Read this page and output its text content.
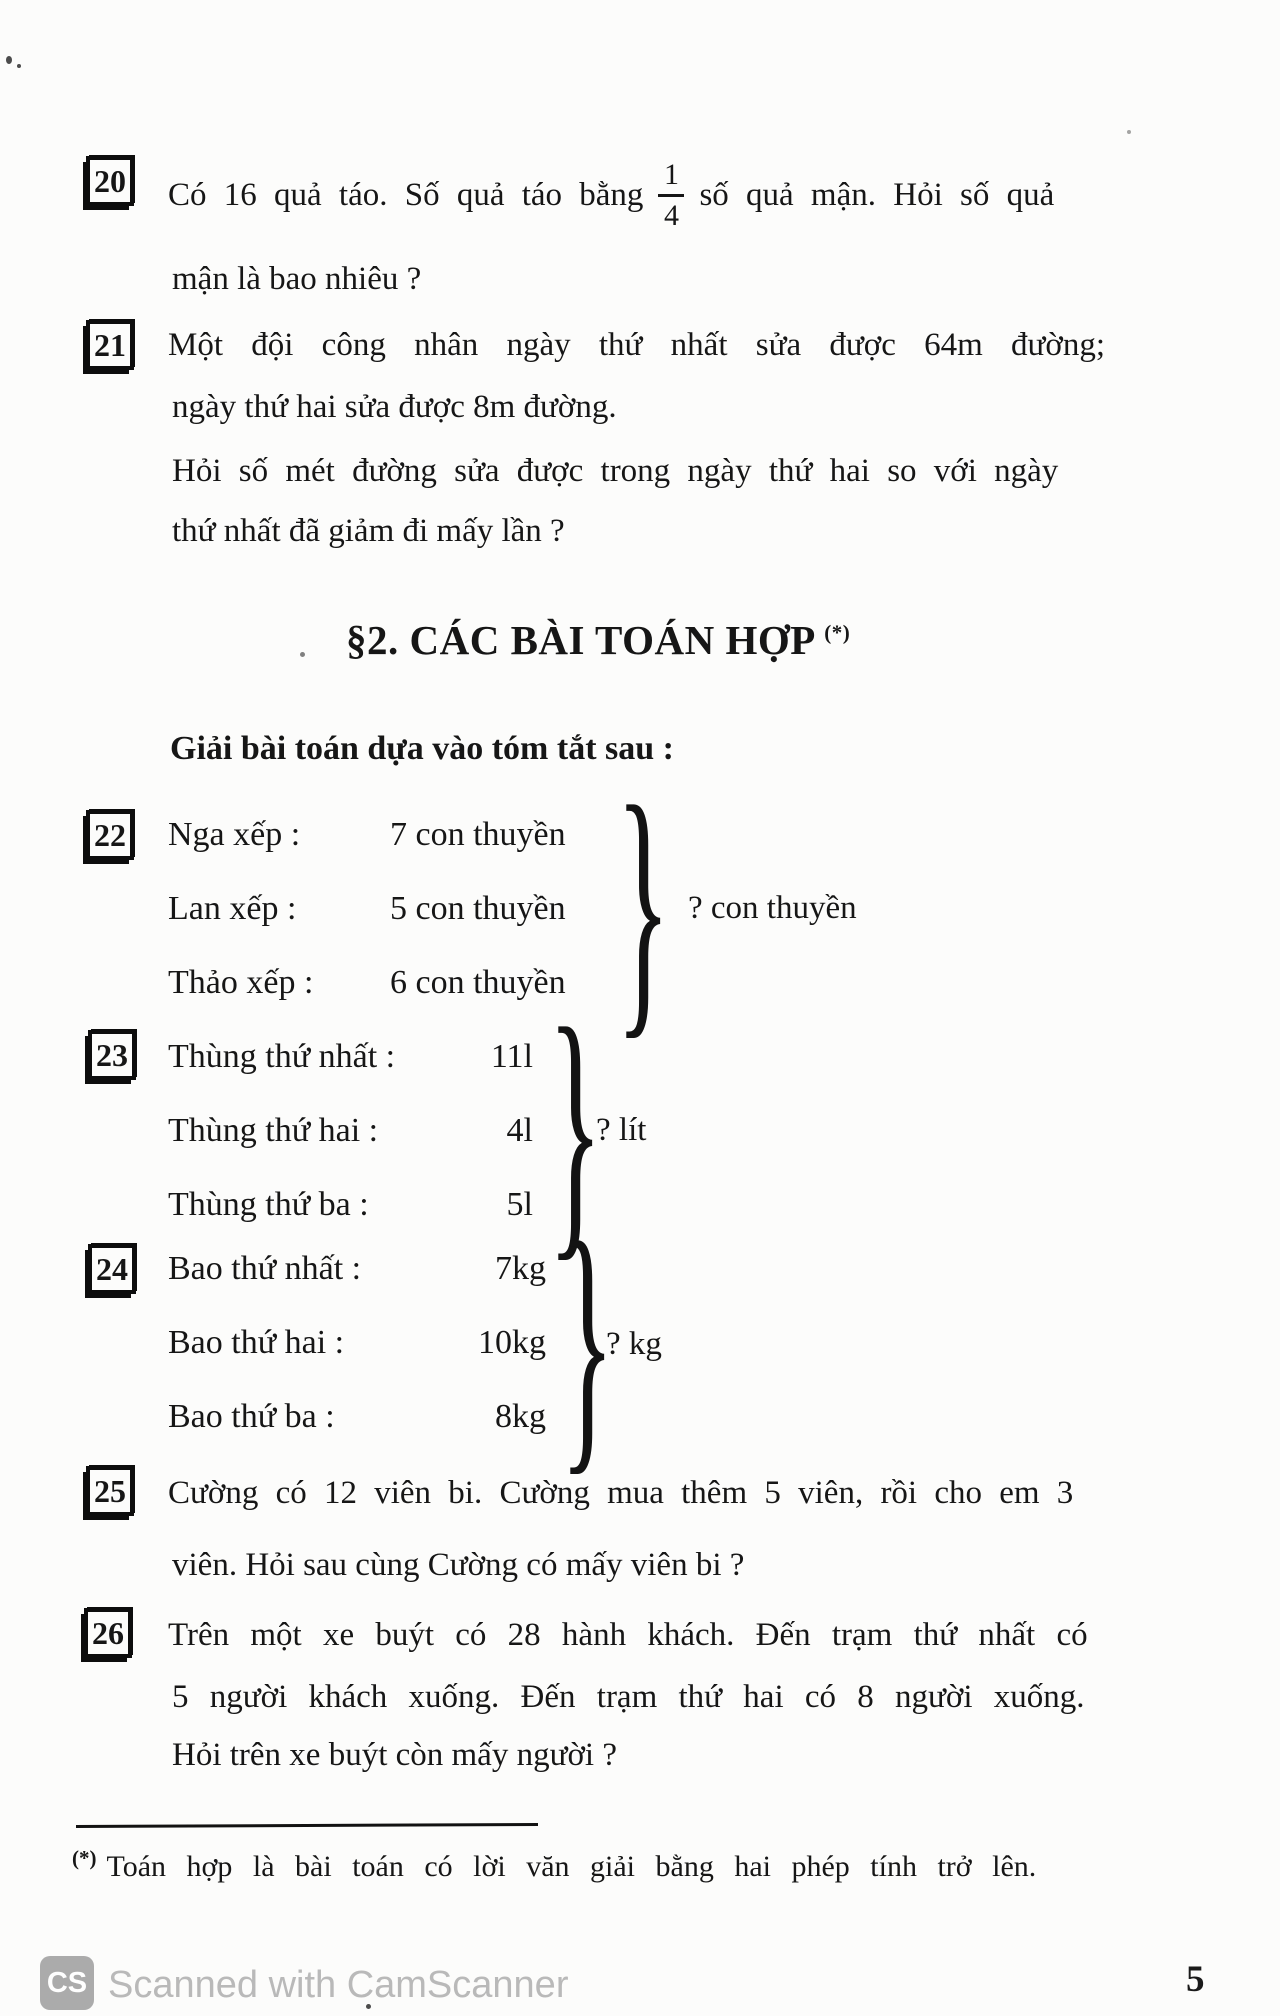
20 Có 16 quả táo. Số quả táo bằng $\frac{1}{4}$ số quả mận. Hỏi số quả
mận là bao nhiêu ?
21 Một đội công nhân ngày thứ nhất sửa được 64m đường;
ngày thứ hai sửa được 8m đường.
Hỏi số mét đường sửa được trong ngày thứ hai so với ngày
thứ nhất đã giảm đi mấy lần ?
§2. CÁC BÀI TOÁN HỢP (*)
Giải bài toán dựa vào tóm tắt sau :
22 Nga xếp :	7 con thuyền
Lan xếp :	5 con thuyền
Thảo xếp :	6 con thuyền } ? con thuyền
23 Thùng thứ nhất :	11l
Thùng thứ hai :	4l
Thùng thứ ba :	5l }
? lít
24 Bao thứ nhất :	7kg
Bao thứ hai :	10kg
Bao thứ ba :	8kg }
? kg
25 Cường có 12 viên bi. Cường mua thêm 5 viên, rồi cho em 3
viên. Hỏi sau cùng Cường có mấy viên bi ?
26 Trên một xe buýt có 28 hành khách. Đến trạm thứ nhất có
5 người khách xuống. Đến trạm thứ hai có 8 người xuống.
Hỏi trên xe buýt còn mấy người ?
(*) Toán hợp là bài toán có lời văn giải bằng hai phép tính trở lên.
CS Scanned with CamScanner	5
